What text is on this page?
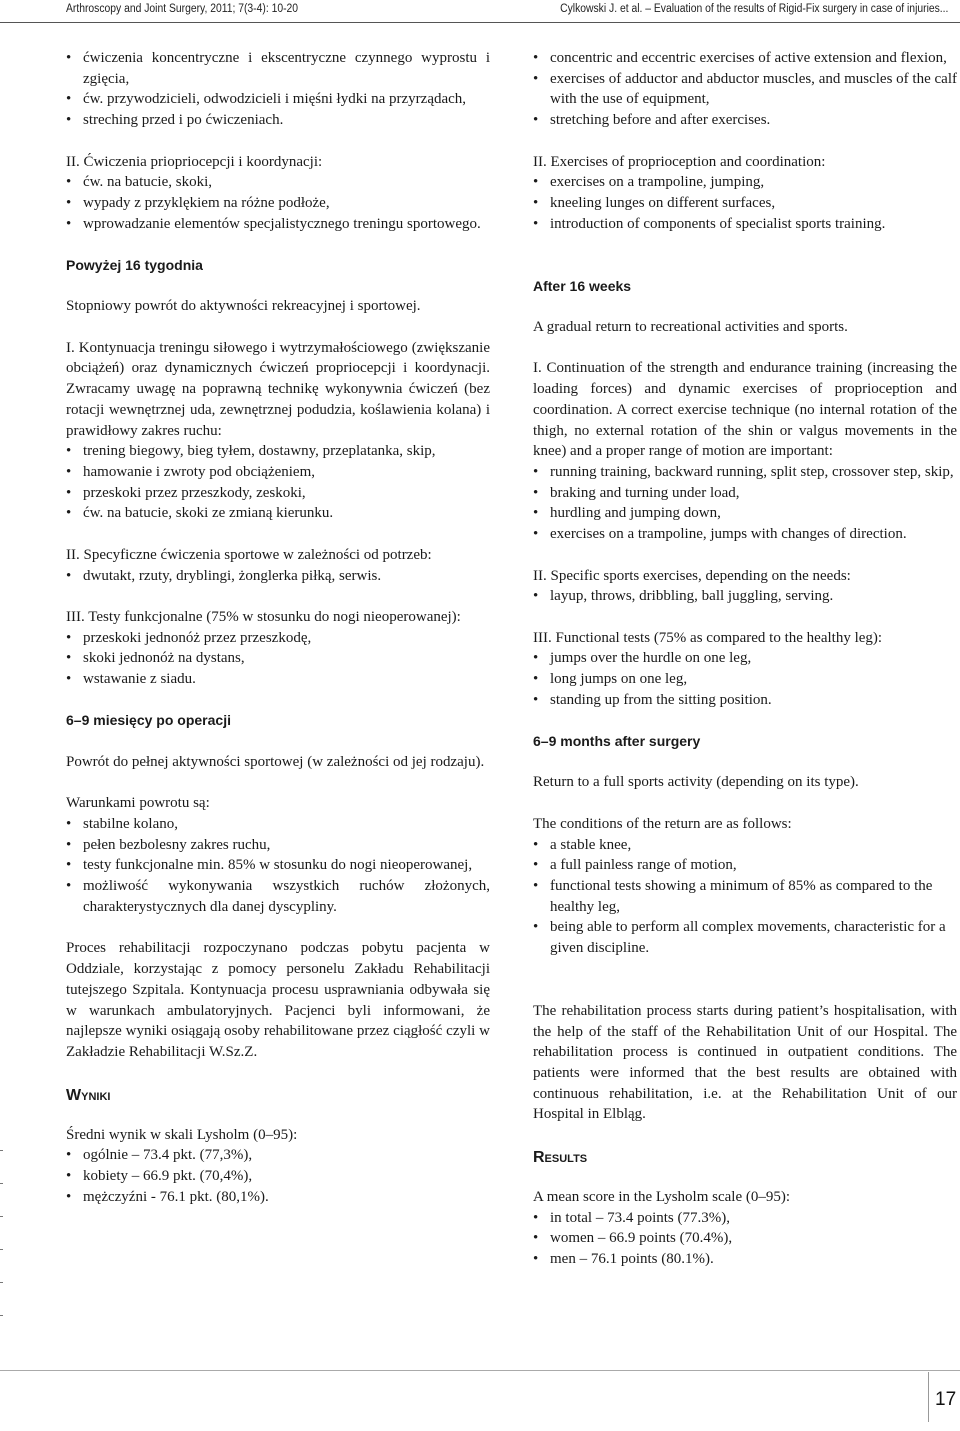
Arthroscopy and Joint Surgery, 2011; 7(3-4): 10-20	Cylkowski J. et al. – Evaluation of the results of Rigid-Fix surgery in case of injuries...
• ćwiczenia koncentryczne i ekscentryczne czynnego wyprostu i zgięcia,
• ćw. przywodzicieli, odwodzicieli i mięśni łydki na przyrządach,
• streching przed i po ćwiczeniach.

II. Ćwiczenia priopriocepcji i koordynacji:

• ćw. na batucie, skoki,
• wypady z przyklękiem na różne podłoże,
• wprowadzanie elementów specjalistycznego treningu sportowego.

Powyżej 16 tygodnia

Stopniowy powrót do aktywności rekreacyjnej i sportowej.

I. Kontynuacja treningu siłowego i wytrzymałościowego (zwiększanie obciążeń) oraz dynamicznych ćwiczeń propriocepcji i koordynacji. Zwracamy uwagę na poprawną technikę wykonywnia ćwiczeń (bez rotacji wewnętrznej uda, zewnętrznej podudzia, koślawienia kolana) i prawidłowy zakres ruchu:

• trening biegowy, bieg tyłem, dostawny, przeplatanka, skip,
• hamowanie i zwroty pod obciążeniem,
• przeskoki przez przeszkody, zeskoki,
• ćw. na batucie, skoki ze zmianą kierunku.

II. Specyficzne ćwiczenia sportowe w zależności od potrzeb:

• dwutakt, rzuty, dryblingi, żonglerka piłką, serwis.

III. Testy funkcjonalne (75% w stosunku do nogi nieoperowanej):

• przeskoki jednonóż przez przeszkodę,
• skoki jednonóż na dystans,
• wstawanie z siadu.

6–9 miesięcy po operacji

Powrót do pełnej aktywności sportowej (w zależności od jej rodzaju).

Warunkami powrotu są:

• stabilne kolano,
• pełen bezbolesny zakres ruchu,
• testy funkcjonalne min. 85% w stosunku do nogi nieoperowanej,
• możliwość wykonywania wszystkich ruchów złożonych, charakterystycznych dla danej dyscypliny.

Proces rehabilitacji rozpoczynano podczas pobytu pacjenta w Oddziale, korzystając z pomocy personelu Zakładu Rehabilitacji tutejszego Szpitala. Kontynuacja procesu usprawniania odbywała się w warunkach ambulatoryjnych. Pacjenci byli informowani, że najlepsze wyniki osiągają osoby rehabilitowane przez ciągłość czyli w Zakładzie Rehabilitacji W.Sz.Z.

Wyniki

Średni wynik w skali Lysholm (0–95):

• ogólnie – 73.4 pkt. (77,3%),
• kobiety – 66.9 pkt. (70,4%),
• mężczyźni - 76.1 pkt. (80,1%).
• concentric and eccentric exercises of active extension and flexion,
• exercises of adductor and abductor muscles, and muscles of the calf with the use of equipment,
• stretching before and after exercises.

II. Exercises of proprioception and coordination:

• exercises on a trampoline, jumping,
• kneeling lunges on different surfaces,
• introduction of components of specialist sports training.

After 16 weeks

A gradual return to recreational activities and sports.

I. Continuation of the strength and endurance training (increasing the loading forces) and dynamic exercises of proprioception and coordination. A correct exercise technique (no internal rotation of the thigh, no external rotation of the shin or valgus movements in the knee) and a proper range of motion are important:

• running training, backward running, split step, crossover step, skip,
• braking and turning under load,
• hurdling and jumping down,
• exercises on a trampoline, jumps with changes of direction.

II. Specific sports exercises, depending on the needs:

• layup, throws, dribbling, ball juggling, serving.

III. Functional tests (75% as compared to the healthy leg):

• jumps over the hurdle on one leg,
• long jumps on one leg,
• standing up from the sitting position.

6–9 months after surgery

Return to a full sports activity (depending on its type).

The conditions of the return are as follows:

• a stable knee,
• a full painless range of motion,
• functional tests showing a minimum of 85% as compared to the healthy leg,
• being able to perform all complex movements, characteristic for a given discipline.

The rehabilitation process starts during patient’s hospitalisation, with the help of the staff of the Rehabilitation Unit of our Hospital. The rehabilitation process is continued in outpatient conditions. The patients were informed that the best results are obtained with continuous rehabilitation, i.e. at the Rehabilitation Unit of our Hospital in Elbląg.

Results

A mean score in the Lysholm scale (0–95):

• in total – 73.4 points (77.3%),
• women – 66.9 points (70.4%),
• men – 76.1 points (80.1%).
17
